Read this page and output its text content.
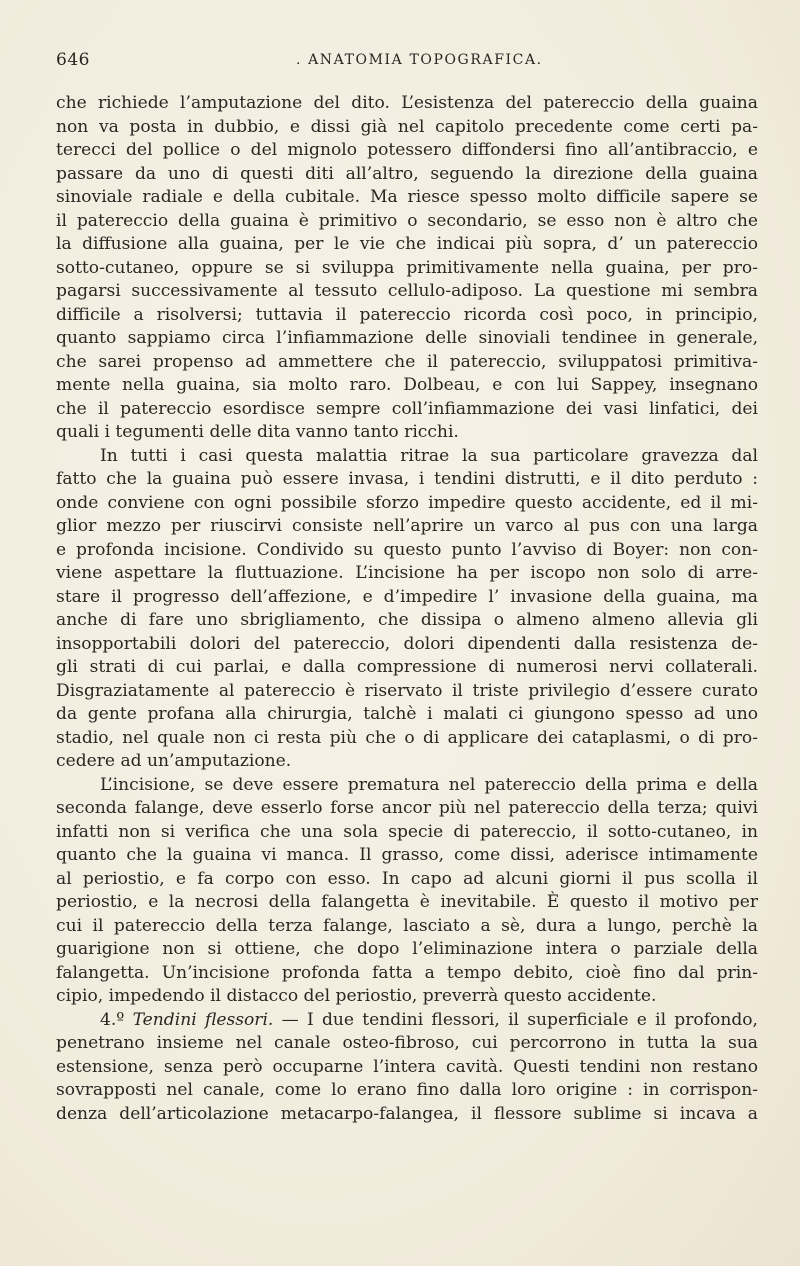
646	. ANATOMIA TOPOGRAFICA.
che richiede l’amputazione del dito. L’esistenza del patereccio della guaina
non va posta in dubbio, e dissi già nel capitolo precedente come certi pa-
terecci del pollice o del mignolo potessero diffondersi fino all’antibraccio, e
passare da uno di questi diti all’altro, seguendo la direzione della guaina
sinoviale radiale e della cubitale. Ma riesce spesso molto difficile sapere se
il patereccio della guaina è primitivo o secondario, se esso non è altro che
la diffusione alla guaina, per le vie che indicai più sopra, d’ un patereccio
sotto-cutaneo, oppure se si sviluppa primitivamente nella guaina, per pro-
pagarsi successivamente al tessuto cellulo-adiposo. La questione mi sembra
difficile a risolversi; tuttavia il patereccio ricorda così poco, in principio,
quanto sappiamo circa l’infiammazione delle sinoviali tendinee in generale,
che sarei propenso ad ammettere che il patereccio, sviluppatosi primitiva-
mente nella guaina, sia molto raro. Dolbeau, e con lui Sappey, insegnano
che il patereccio esordisce sempre coll’infiammazione dei vasi linfatici, dei
quali i tegumenti delle dita vanno tanto ricchi.
In tutti i casi questa malattia ritrae la sua particolare gravezza dal
fatto che la guaina può essere invasa, i tendini distrutti, e il dito perduto :
onde conviene con ogni possibile sforzo impedire questo accidente, ed il mi-
glior mezzo per riuscirvi consiste nell’aprire un varco al pus con una larga
e profonda incisione. Condivido su questo punto l’avviso di Boyer: non con-
viene aspettare la fluttuazione. L’incisione ha per iscopo non solo di arre-
stare il progresso dell’affezione, e d’impedire l’ invasione della guaina, ma
anche di fare uno sbrigliamento, che dissipa o almeno almeno allevia gli
insopportabili dolori del patereccio, dolori dipendenti dalla resistenza de-
gli strati di cui parlai, e dalla compressione di numerosi nervi collaterali.
Disgraziatamente al patereccio è riservato il triste privilegio d’essere curato
da gente profana alla chirurgia, talchè i malati ci giungono spesso ad uno
stadio, nel quale non ci resta più che o di applicare dei cataplasmi, o di pro-
cedere ad un’amputazione.
L’incisione, se deve essere prematura nel patereccio della prima e della
seconda falange, deve esserlo forse ancor più nel patereccio della terza; quivi
infatti non si verifica che una sola specie di patereccio, il sotto-cutaneo, in
quanto che la guaina vi manca. Il grasso, come dissi, aderisce intimamente
al periostio, e fa corpo con esso. In capo ad alcuni giorni il pus scolla il
periostio, e la necrosi della falangetta è inevitabile. È questo il motivo per
cui il patereccio della terza falange, lasciato a sè, dura a lungo, perchè la
guarigione non si ottiene, che dopo l’eliminazione intera o parziale della
falangetta. Un’incisione profonda fatta a tempo debito, cioè fino dal prin-
cipio, impedendo il distacco del periostio, preverrà questo accidente.
4.º Tendini flessori. — I due tendini flessori, il superficiale e il profondo,
penetrano insieme nel canale osteo-fibroso, cui percorrono in tutta la sua
estensione, senza però occuparne l’intera cavità. Questi tendini non restano
sovrapposti nel canale, come lo erano fino dalla loro origine : in corrispon-
denza dell’articolazione metacarpo-falangea, il flessore sublime si incava a
